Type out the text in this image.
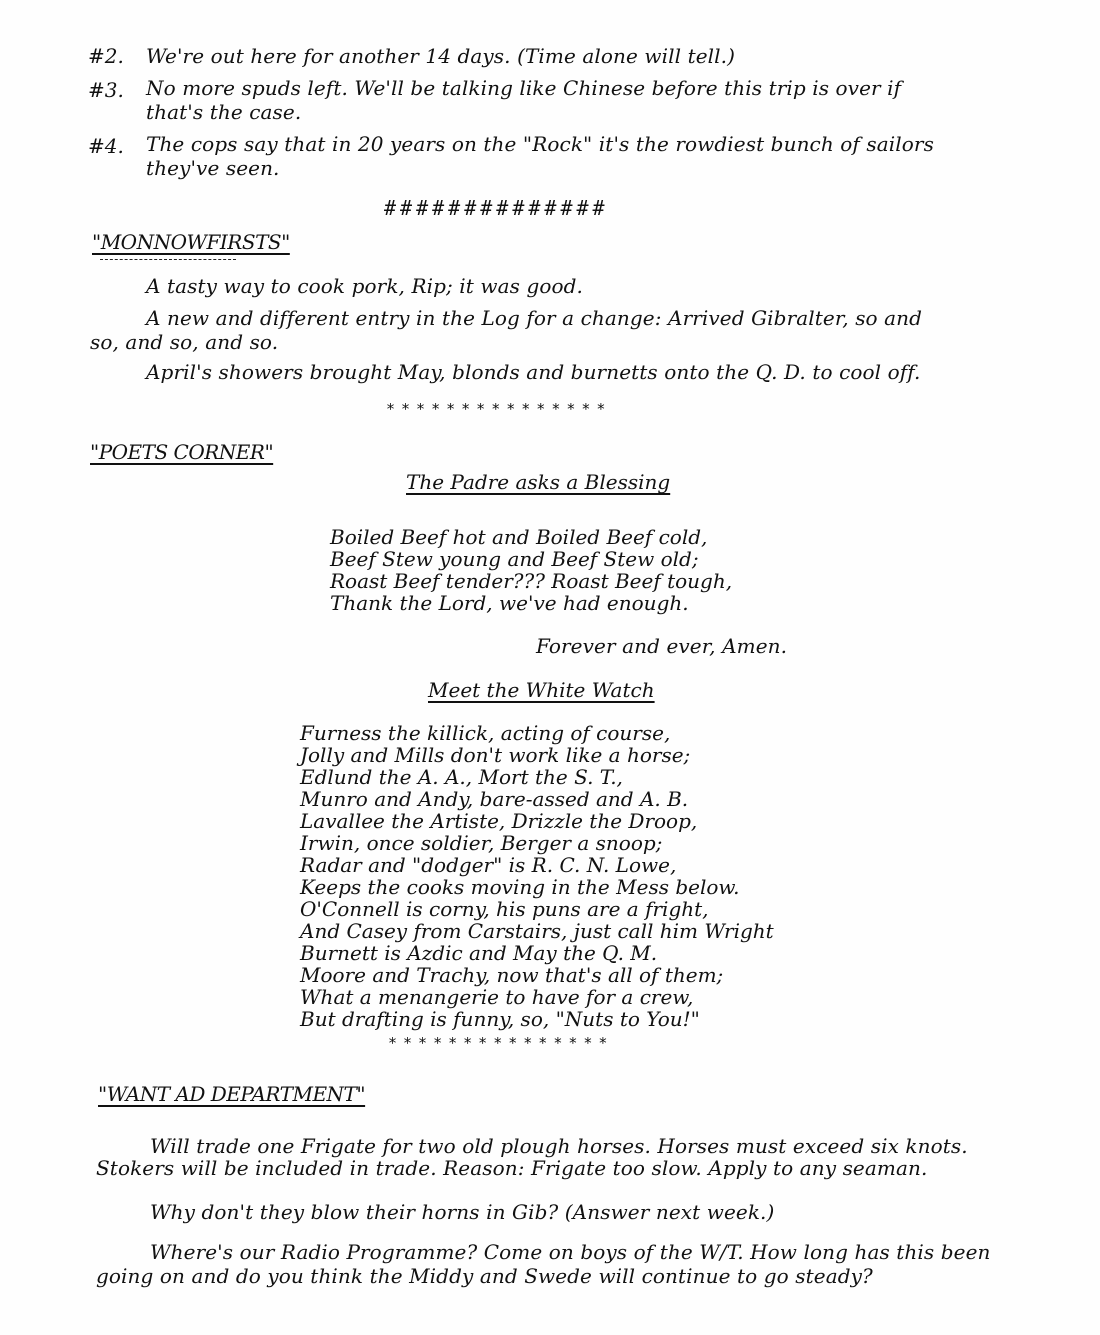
#2. We're out here for another 14 days. (Time alone will tell.)
#3. No more spuds left. We'll be talking like Chinese before this trip is over if
that's the case.
#4. The cops say that in 20 years on the "Rock" it's the rowdiest bunch of sailors
they've seen.
##############
"MONNOWFIRSTS"
A tasty way to cook pork, Rip; it was good.
A new and different entry in the Log for a change: Arrived Gibralter, so and
so, and so, and so.
April's showers brought May, blonds and burnetts onto the Q. D. to cool off.
***************
"POETS CORNER"
The Padre asks a Blessing
Boiled Beef hot and Boiled Beef cold,
Beef Stew young and Beef Stew old;
Roast Beef tender??? Roast Beef tough,
Thank the Lord, we've had enough.
Forever and ever, Amen.
Meet the White Watch
Furness the killick, acting of course,
Jolly and Mills don't work like a horse;
Edlund the A. A., Mort the S. T.,
Munro and Andy, bare-assed and A. B.
Lavallee the Artiste, Drizzle the Droop,
Irwin, once soldier, Berger a snoop;
Radar and "dodger" is R. C. N. Lowe,
Keeps the cooks moving in the Mess below.
O'Connell is corny, his puns are a fright,
And Casey from Carstairs, just call him Wright
Burnett is Azdic and May the Q. M.
Moore and Trachy, now that's all of them;
What a menangerie to have for a crew,
But drafting is funny, so, "Nuts to You!"
***************
"WANT AD DEPARTMENT"
Will trade one Frigate for two old plough horses. Horses must exceed six knots.
Stokers will be included in trade. Reason: Frigate too slow. Apply to any seaman.
Why don't they blow their horns in Gib? (Answer next week.)
Where's our Radio Programme? Come on boys of the W/T. How long has this been
going on and do you think the Middy and Swede will continue to go steady?
